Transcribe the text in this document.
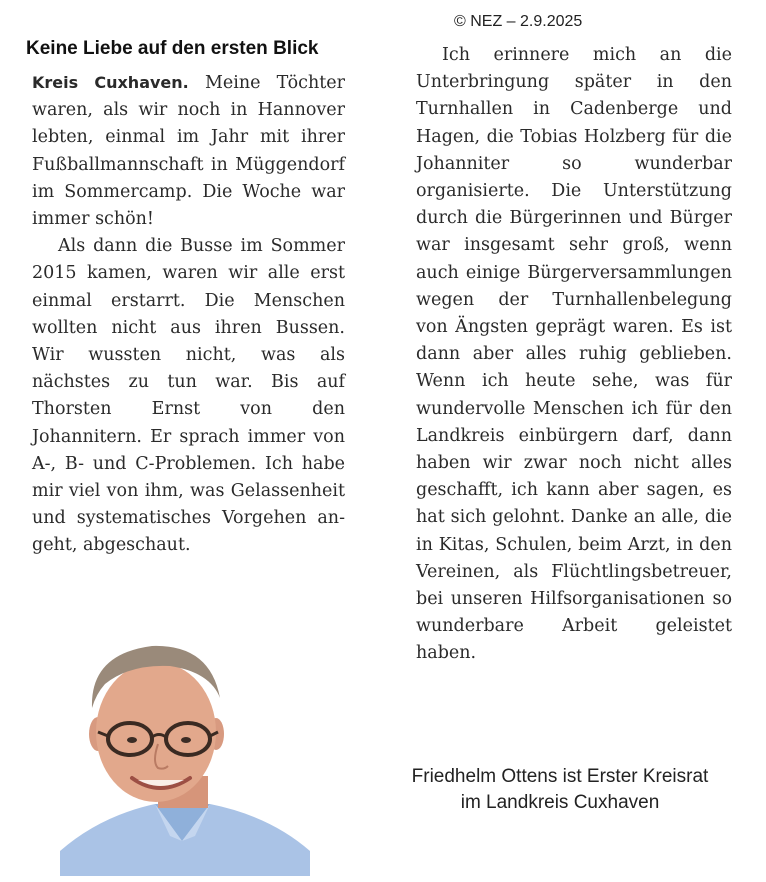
© NEZ – 2.9.2025
Keine Liebe auf den ersten Blick

Kreis Cuxhaven. Meine Töchter waren, als wir noch in Hannover lebten, einmal im Jahr mit ihrer Fußballmannschaft in Müggendorf im Sommercamp. Die Woche war immer schön!

Als dann die Busse im Sommer 2015 kamen, waren wir alle erst einmal erstarrt. Die Menschen wollten nicht aus ihren Bussen. Wir wussten nicht, was als nächstes zu tun war. Bis auf Thorsten Ernst von den Johannitern. Er sprach immer von A-, B- und C-Problemen. Ich habe mir viel von ihm, was Gelassenheit und systematisches Vorgehen angeht, abgeschaut.

Ich erinnere mich an die Unterbringung später in den Turnhallen in Cadenberge und Hagen, die Tobias Holzberg für die Johanniter so wunderbar organisierte. Die Unterstützung durch die Bürgerinnen und Bürger war insgesamt sehr groß, wenn auch einige Bürgerversammlungen wegen der Turnhallenbelegung von Ängsten geprägt waren. Es ist dann aber alles ruhig geblieben. Wenn ich heute sehe, was für wundervolle Menschen ich für den Landkreis einbürgern darf, dann haben wir zwar noch nicht alles geschafft, ich kann aber sagen, es hat sich gelohnt. Danke an alle, die in Kitas, Schulen, beim Arzt, in den Vereinen, als Flüchtlingsbetreuer, bei unseren Hilfsorganisationen so wunderbare Arbeit geleistet haben.

Friedhelm Ottens ist Erster Kreisrat
im Landkreis Cuxhaven
